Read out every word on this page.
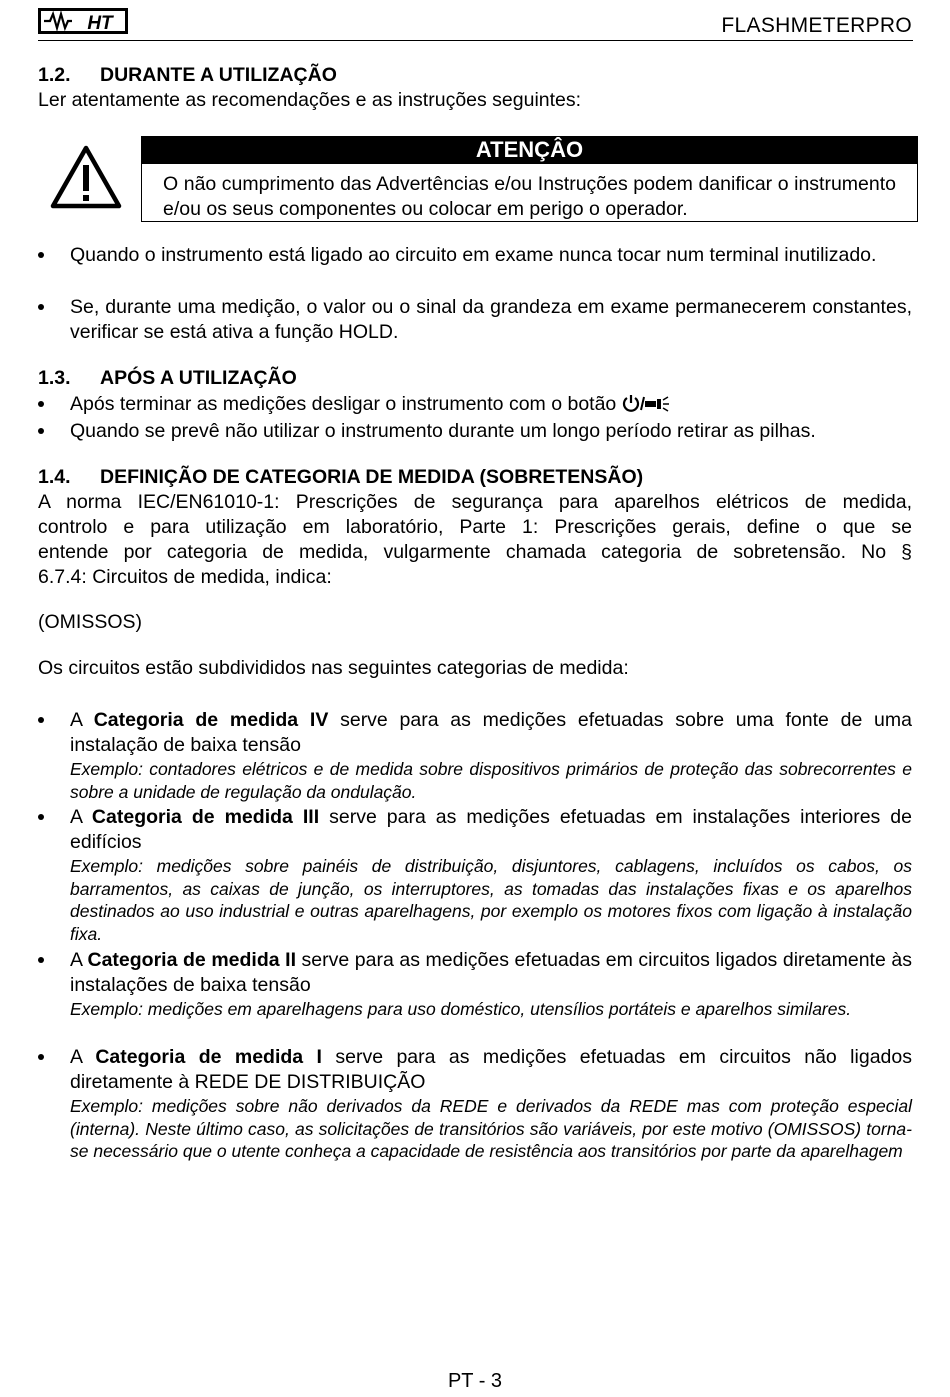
HT	FLASHMETERPRO
1.2. DURANTE A UTILIZAÇÃO
Ler atentamente as recomendações e as instruções seguintes:
ATENÇÂO
O não cumprimento das Advertências e/ou Instruções podem danificar o instrumento e/ou os seus componentes ou colocar em perigo o operador.
Quando o instrumento está ligado ao circuito em exame nunca tocar num terminal inutilizado.
Se, durante uma medição, o valor ou o sinal da grandeza em exame permanecerem constantes, verificar se está ativa a função HOLD.
1.3. APÓS A UTILIZAÇÃO
Após terminar as medições desligar o instrumento com o botão
Quando se prevê não utilizar o instrumento durante um longo período retirar as pilhas.
1.4. DEFINIÇÃO DE CATEGORIA DE MEDIDA (SOBRETENSÃO)
A norma IEC/EN61010-1: Prescrições de segurança para aparelhos elétricos de medida,
controlo e para utilização em laboratório, Parte 1: Prescrições gerais, define o que se
entende por categoria de medida, vulgarmente chamada categoria de sobretensão. No §
6.7.4: Circuitos de medida, indica:
(OMISSOS)
Os circuitos estão subdivididos nas seguintes categorias de medida:
A Categoria de medida IV serve para as medições efetuadas sobre uma fonte de uma instalação de baixa tensão
Exemplo: contadores elétricos e de medida sobre dispositivos primários de proteção das sobrecorrentes e sobre a unidade de regulação da ondulação.
A Categoria de medida III serve para as medições efetuadas em instalações interiores de edifícios
Exemplo: medições sobre painéis de distribuição, disjuntores, cablagens, incluídos os cabos, os barramentos, as caixas de junção, os interruptores, as tomadas das instalações fixas e os aparelhos destinados ao uso industrial e outras aparelhagens, por exemplo os motores fixos com ligação à instalação fixa.
A Categoria de medida II serve para as medições efetuadas em circuitos ligados diretamente às instalações de baixa tensão
Exemplo: medições em aparelhagens para uso doméstico, utensílios portáteis e aparelhos similares.
A Categoria de medida I serve para as medições efetuadas em circuitos não ligados diretamente à REDE DE DISTRIBUIÇÃO
Exemplo: medições sobre não derivados da REDE e derivados da REDE mas com proteção especial (interna). Neste último caso, as solicitações de transitórios são variáveis, por este motivo (OMISSOS) torna-se necessário que o utente conheça a capacidade de resistência aos transitórios por parte da aparelhagem
PT - 3
